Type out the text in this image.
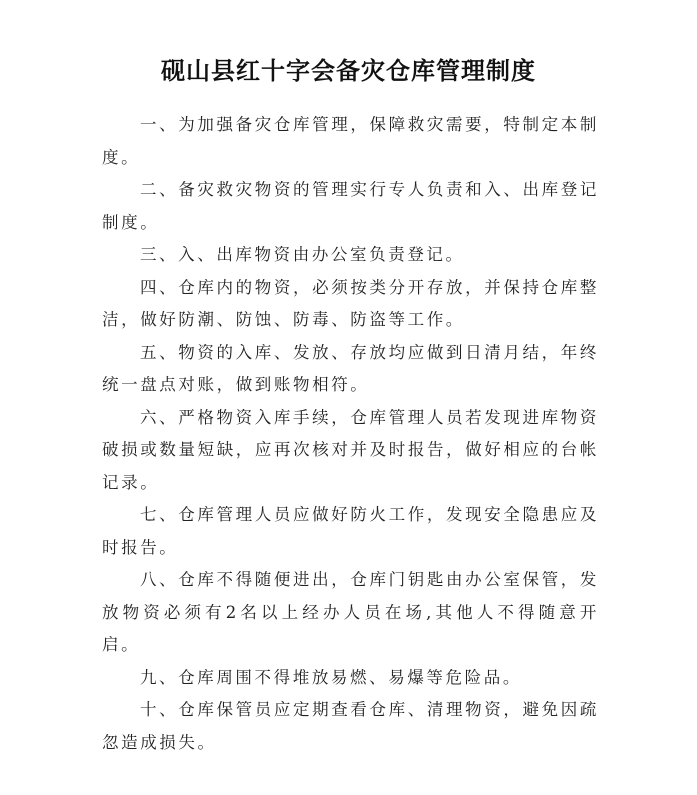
砚山县红十字会备灾仓库管理制度
一、为加强备灾仓库管理，保障救灾需要，特制定本制度。
二、备灾救灾物资的管理实行专人负责和入、出库登记制度。
三、入、出库物资由办公室负责登记。
四、仓库内的物资，必须按类分开存放，并保持仓库整洁，做好防潮、防蚀、防毒、防盗等工作。
五、物资的入库、发放、存放均应做到日清月结，年终统一盘点对账，做到账物相符。
六、严格物资入库手续，仓库管理人员若发现进库物资破损或数量短缺，应再次核对并及时报告，做好相应的台帐记录。
七、仓库管理人员应做好防火工作，发现安全隐患应及时报告。
八、仓库不得随便进出，仓库门钥匙由办公室保管，发放物资必须有2名以上经办人员在场,其他人不得随意开启。
九、仓库周围不得堆放易燃、易爆等危险品。
十、仓库保管员应定期查看仓库、清理物资，避免因疏忽造成损失。
